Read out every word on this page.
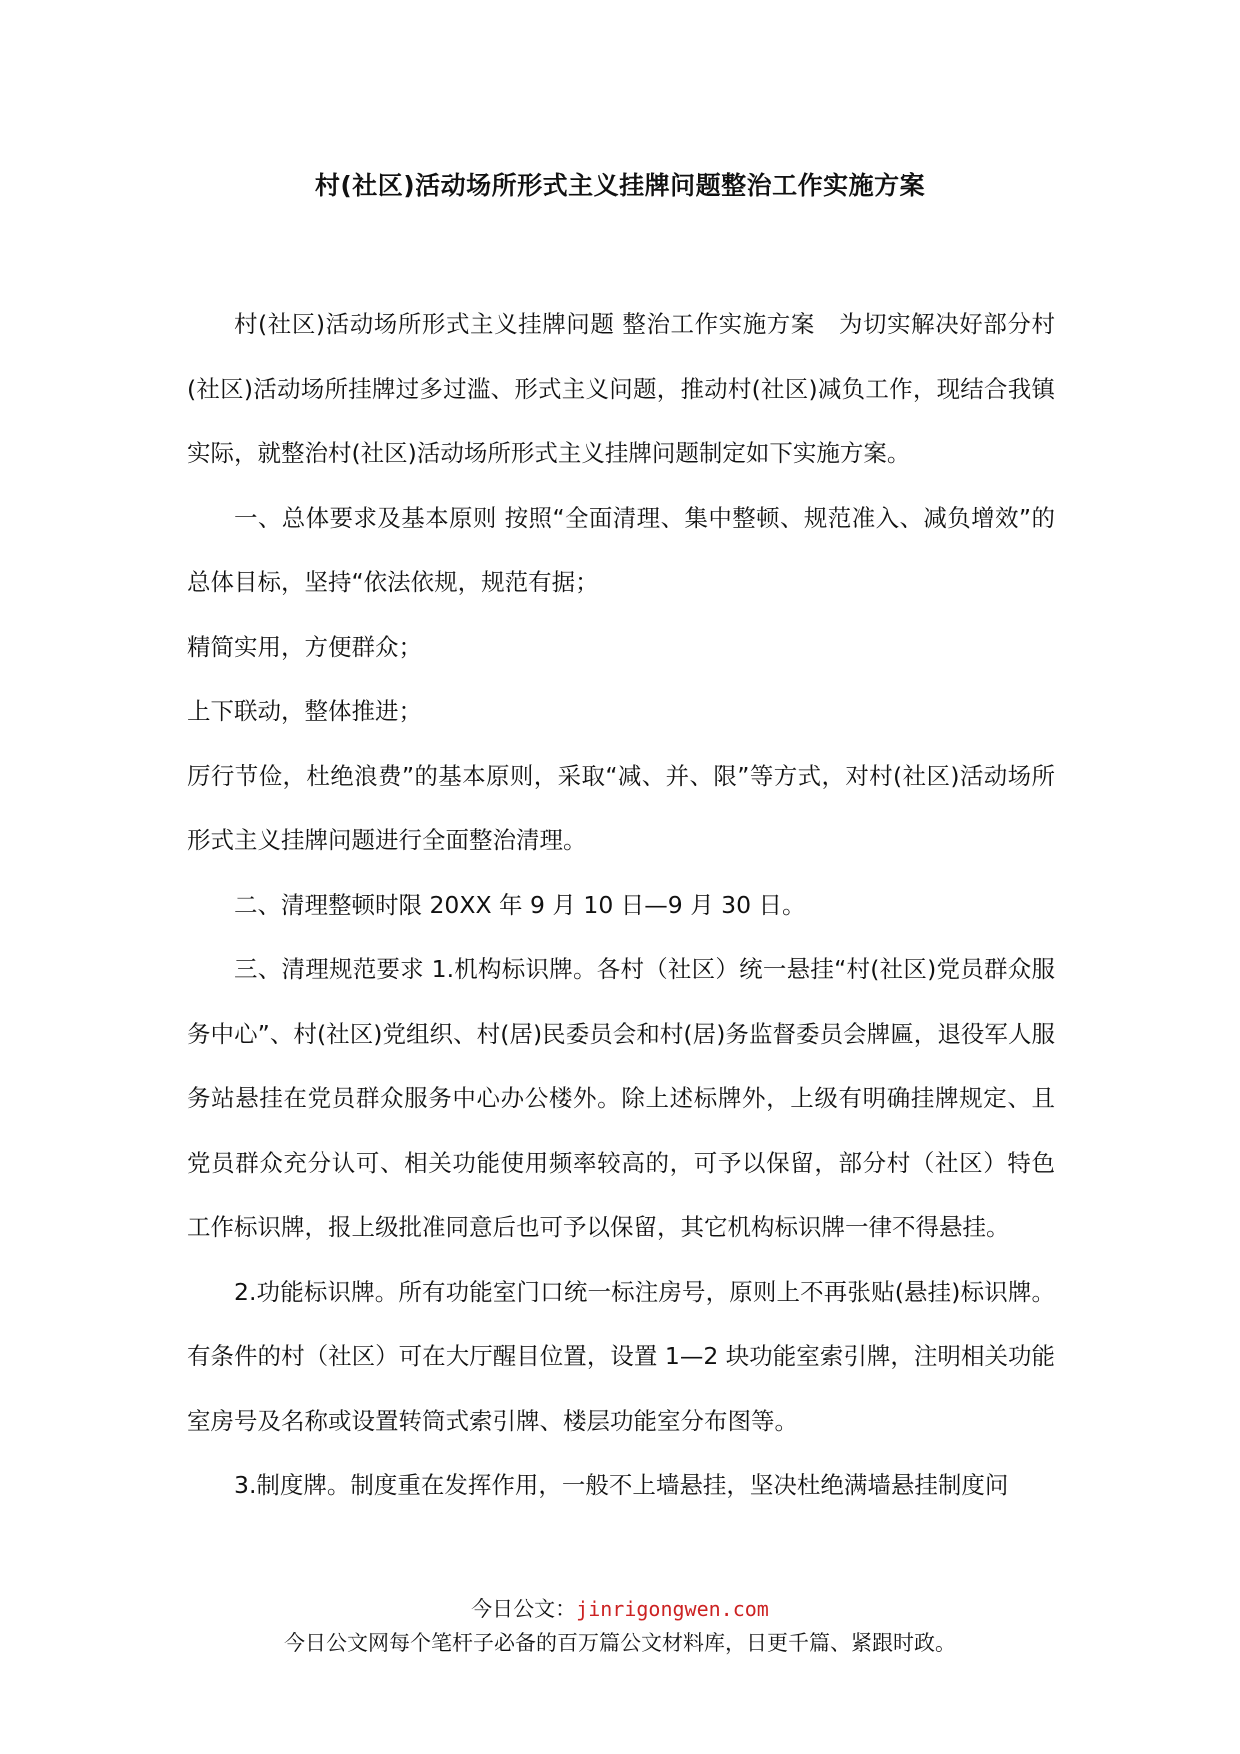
村(社区)活动场所形式主义挂牌问题整治工作实施方案

村(社区)活动场所形式主义挂牌问题 整治工作实施方案　为切实解决好部分村(社区)活动场所挂牌过多过滥、形式主义问题，推动村(社区)减负工作，现结合我镇实际，就整治村(社区)活动场所形式主义挂牌问题制定如下实施方案。

一、总体要求及基本原则 按照“全面清理、集中整顿、规范准入、减负增效”的总体目标，坚持“依法依规，规范有据；

精简实用，方便群众；

上下联动，整体推进；

厉行节俭，杜绝浪费”的基本原则，采取“减、并、限”等方式，对村(社区)活动场所形式主义挂牌问题进行全面整治清理。

二、清理整顿时限 20XX 年 9 月 10 日—9 月 30 日。

三、清理规范要求 1.机构标识牌。各村（社区）统一悬挂“村(社区)党员群众服务中心”、村(社区)党组织、村(居)民委员会和村(居)务监督委员会牌匾，退役军人服务站悬挂在党员群众服务中心办公楼外。除上述标牌外，上级有明确挂牌规定、且党员群众充分认可、相关功能使用频率较高的，可予以保留，部分村（社区）特色工作标识牌，报上级批准同意后也可予以保留，其它机构标识牌一律不得悬挂。

2.功能标识牌。所有功能室门口统一标注房号，原则上不再张贴(悬挂)标识牌。有条件的村（社区）可在大厅醒目位置，设置 1—2 块功能室索引牌，注明相关功能室房号及名称或设置转筒式索引牌、楼层功能室分布图等。

3.制度牌。制度重在发挥作用，一般不上墙悬挂，坚决杜绝满墙悬挂制度问

今日公文：jinrigongwen.com
今日公文网每个笔杆子必备的百万篇公文材料库，日更千篇、紧跟时政。
